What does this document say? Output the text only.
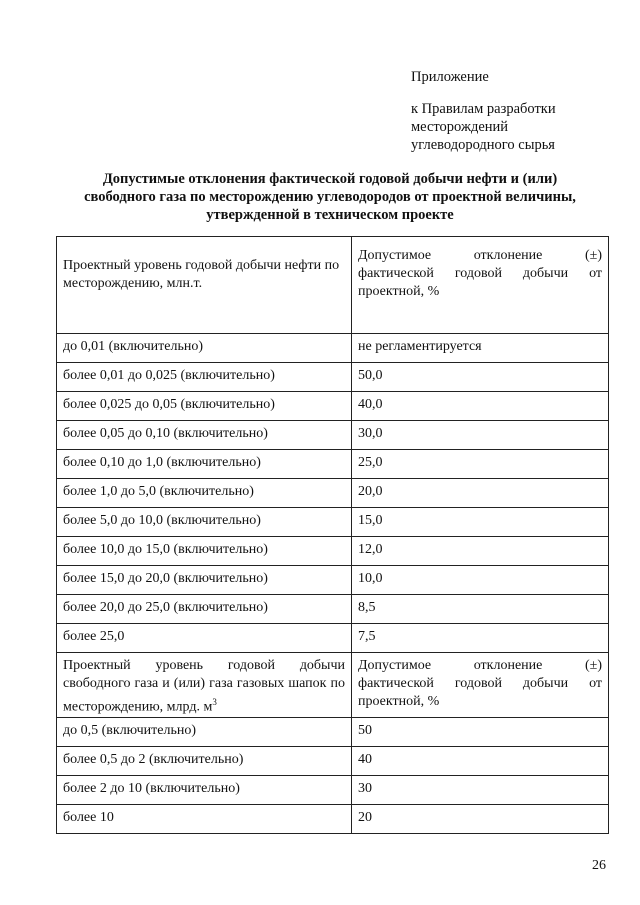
Приложение
к Правилам разработки
месторождений
углеводородного сырья
Допустимые отклонения фактической годовой добычи нефти и (или)
свободного газа по месторождению углеводородов от проектной величины,
утвержденной в техническом проекте
Проектный уровень годовой добычи нефти по месторождению, млн.т.	Допустимое отклонение (±) фактической годовой добычи от проектной, %
до 0,01 (включительно)	не регламентируется
более 0,01 до 0,025 (включительно)	50,0
более 0,025 до 0,05 (включительно)	40,0
более 0,05 до 0,10 (включительно)	30,0
более 0,10 до 1,0 (включительно)	25,0
более 1,0 до 5,0 (включительно)	20,0
более 5,0 до 10,0 (включительно)	15,0
более 10,0 до 15,0 (включительно)	12,0
более 15,0 до 20,0 (включительно)	10,0
более 20,0 до 25,0 (включительно)	8,5
более 25,0	7,5
Проектный уровень годовой добычи свободного газа и (или) газа газовых шапок по месторождению, млрд. $м^3$	Допустимое отклонение (±) фактической годовой добычи от проектной, %
до 0,5 (включительно)	50
более 0,5 до 2 (включительно)	40
более 2 до 10 (включительно)	30
более 10	20
26
